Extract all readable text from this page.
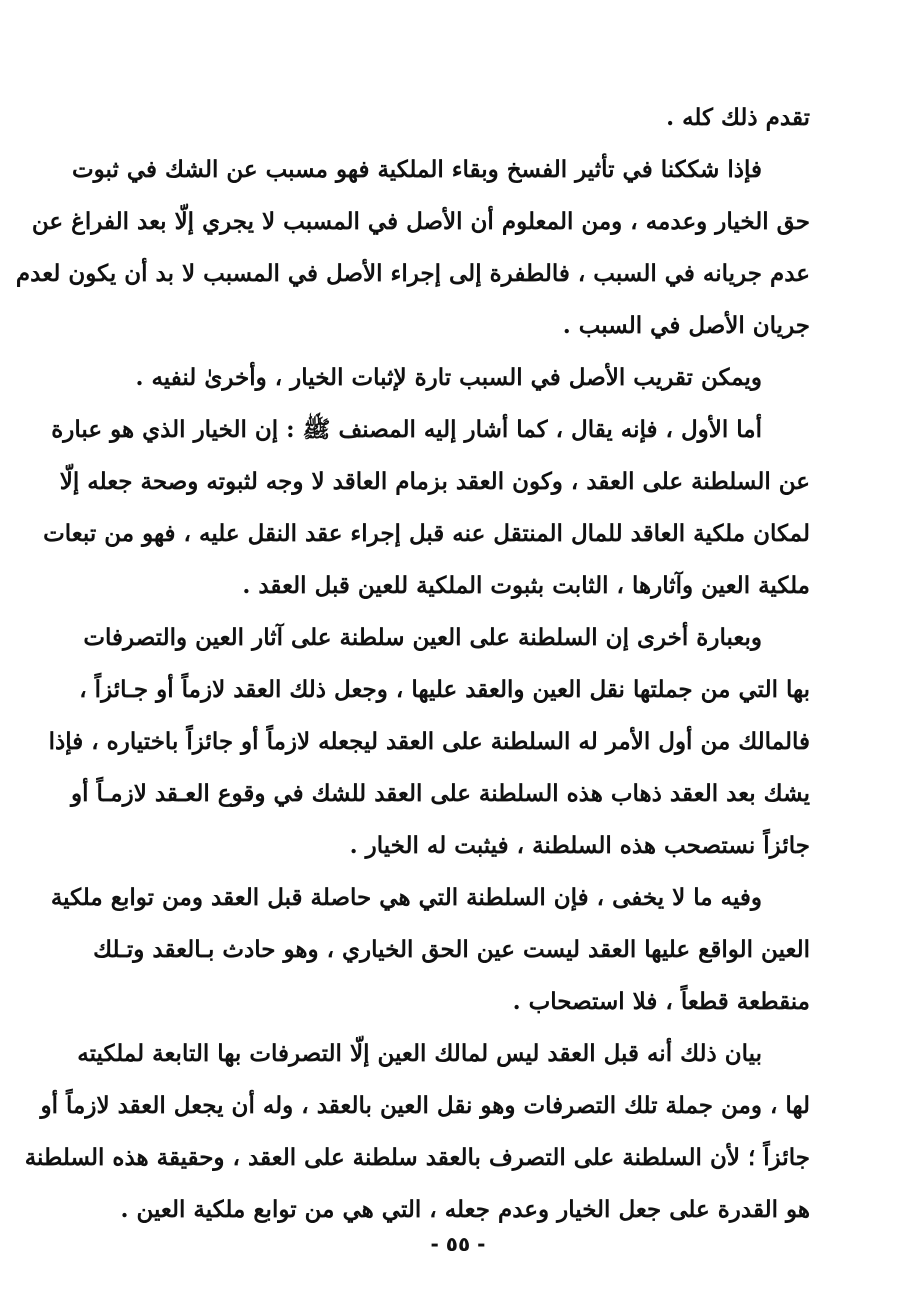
تقدم ذلك كله .
فإذا شككنا في تأثير الفسخ وبقاء الملكية فهو مسبب عن الشك في ثبوت
حق الخيار وعدمه ، ومن المعلوم أن الأصل في المسبب لا يجري إلّا بعد الفراغ عن
عدم جريانه في السبب ، فالطفرة إلى إجراء الأصل في المسبب لا بد أن يكون لعدم
جريان الأصل في السبب .
ويمكن تقريب الأصل في السبب تارة لإثبات الخيار ، وأخرىٰ لنفيه .
أما الأول ، فإنه يقال ، كما أشار إليه المصنف ﷺ : إن الخيار الذي هو عبارة
عن السلطنة على العقد ، وكون العقد بزمام العاقد لا وجه لثبوته وصحة جعله إلّا
لمكان ملكية العاقد للمال المنتقل عنه قبل إجراء عقد النقل عليه ، فهو من تبعات
ملكية العين وآثارها ، الثابت بثبوت الملكية للعين قبل العقد .
وبعبارة أخرى إن السلطنة على العين سلطنة على آثار العين والتصرفات
بها التي من جملتها نقل العين والعقد عليها ، وجعل ذلك العقد لازماً أو جـائزاً ،
فالمالك من أول الأمر له السلطنة على العقد ليجعله لازماً أو جائزاً باختياره ، فإذا
يشك بعد العقد ذهاب هذه السلطنة على العقد للشك في وقوع العـقد لازمـاً أو
جائزاً نستصحب هذه السلطنة ، فيثبت له الخيار .
وفيه ما لا يخفى ، فإن السلطنة التي هي حاصلة قبل العقد ومن توابع ملكية
العين الواقع عليها العقد ليست عين الحق الخياري ، وهو حادث بـالعقد وتـلك
منقطعة قطعاً ، فلا استصحاب .
بيان ذلك أنه قبل العقد ليس لمالك العين إلّا التصرفات بها التابعة لملكيته
لها ، ومن جملة تلك التصرفات وهو نقل العين بالعقد ، وله أن يجعل العقد لازماً أو
جائزاً ؛ لأن السلطنة على التصرف بالعقد سلطنة على العقد ، وحقيقة هذه السلطنة
هو القدرة على جعل الخيار وعدم جعله ، التي هي من توابع ملكية العين .
- ٥٥ -
